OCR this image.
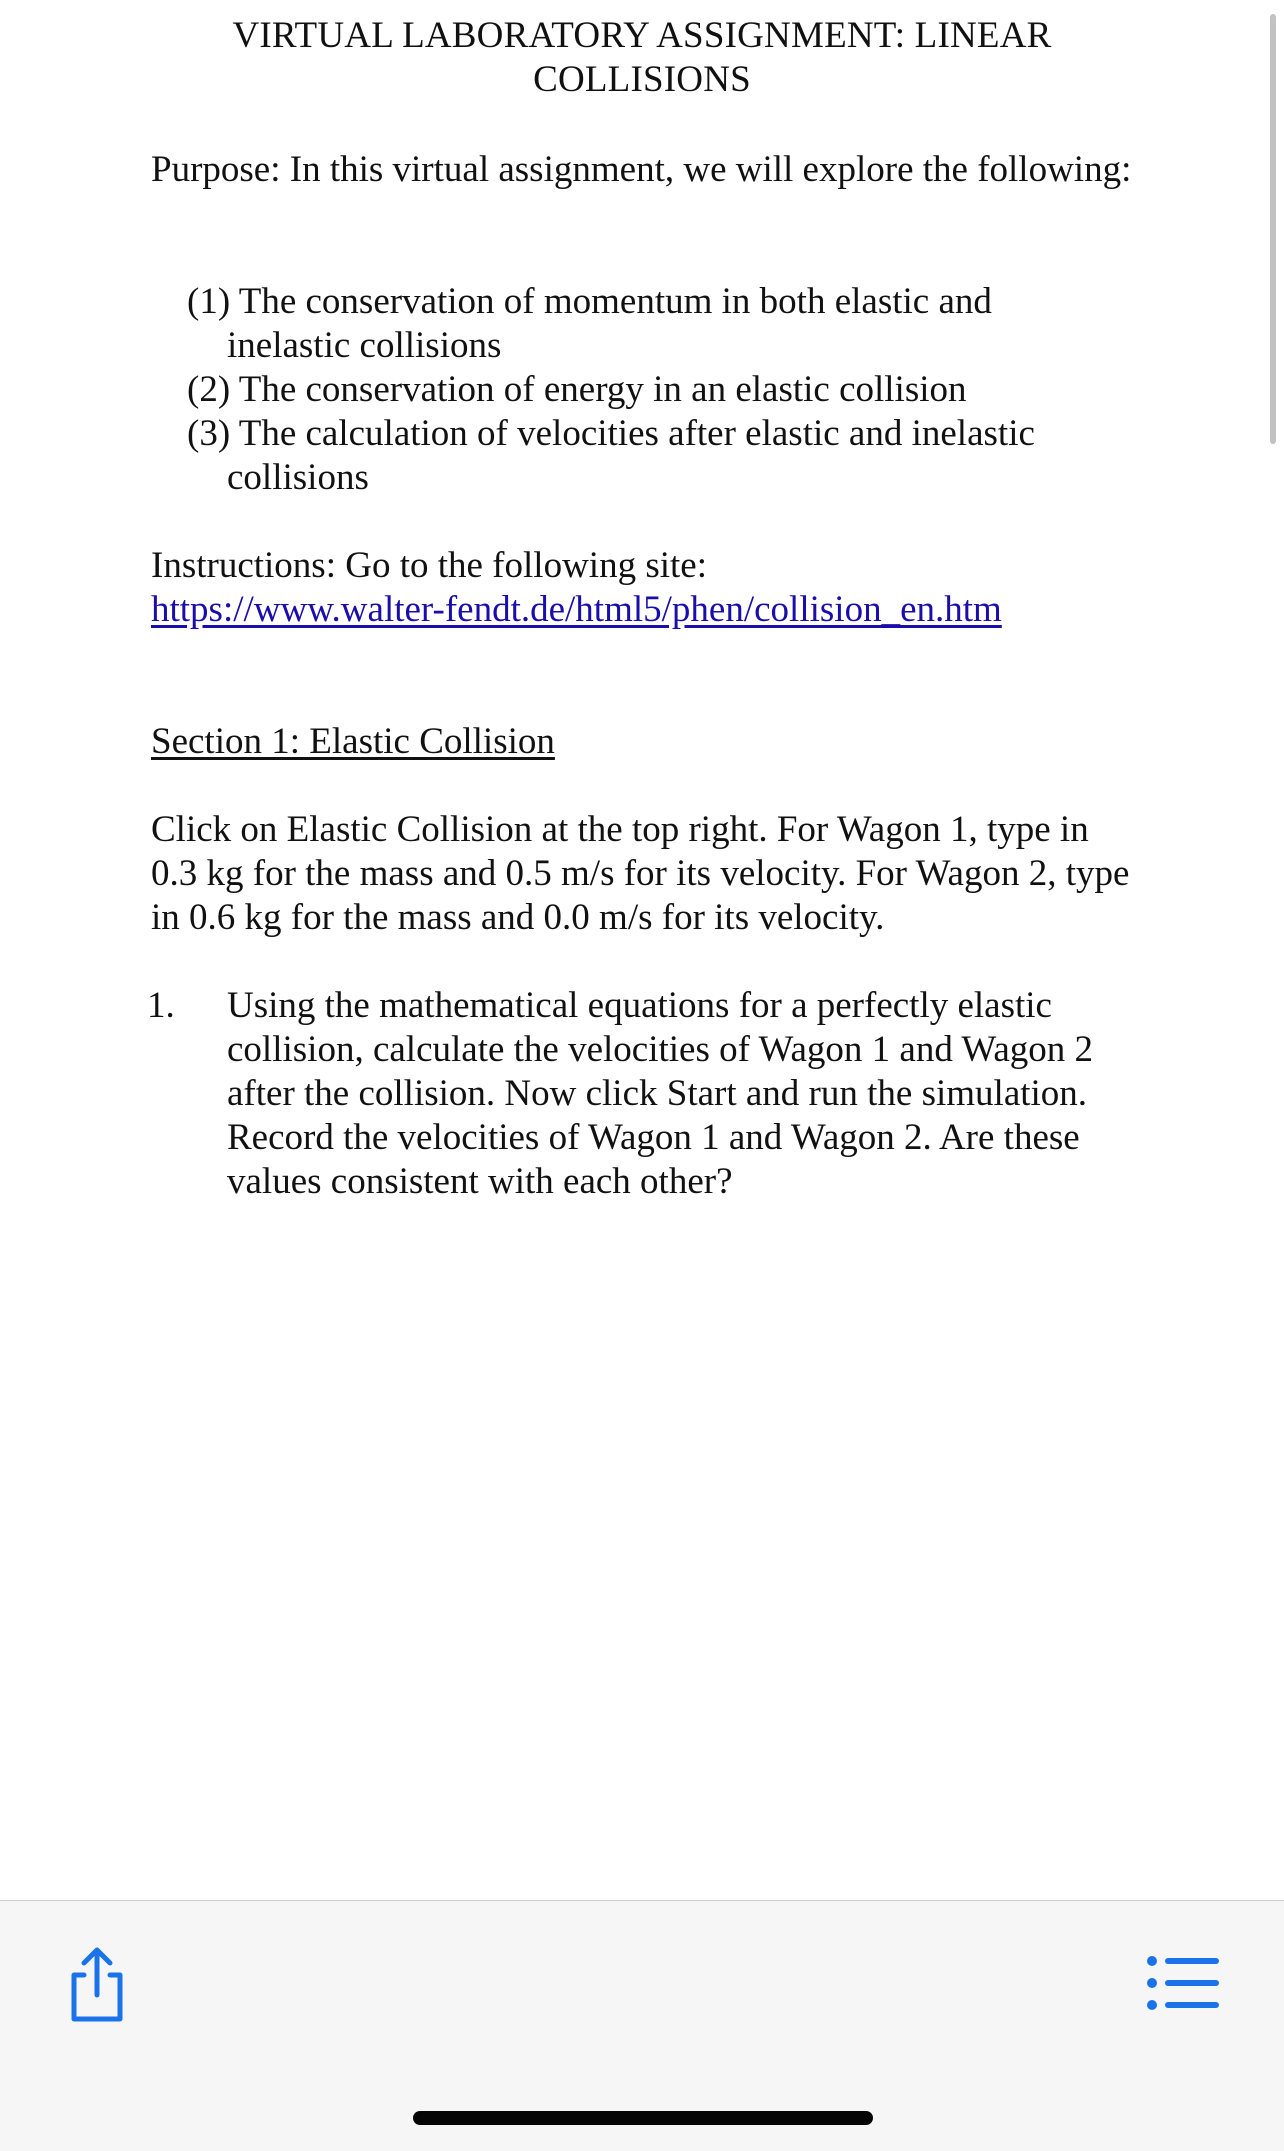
VIRTUAL LABORATORY ASSIGNMENT: LINEAR COLLISIONS
Purpose: In this virtual assignment, we will explore the following:
(1) The conservation of momentum in both elastic and inelastic collisions
(2) The conservation of energy in an elastic collision
(3) The calculation of velocities after elastic and inelastic collisions
Instructions: Go to the following site:
https://www.walter-fendt.de/html5/phen/collision_en.htm
Section 1: Elastic Collision
Click on Elastic Collision at the top right. For Wagon 1, type in 0.3 kg for the mass and 0.5 m/s for its velocity. For Wagon 2, type in 0.6 kg for the mass and 0.0 m/s for its velocity.
1. Using the mathematical equations for a perfectly elastic collision, calculate the velocities of Wagon 1 and Wagon 2 after the collision. Now click Start and run the simulation. Record the velocities of Wagon 1 and Wagon 2. Are these values consistent with each other?
